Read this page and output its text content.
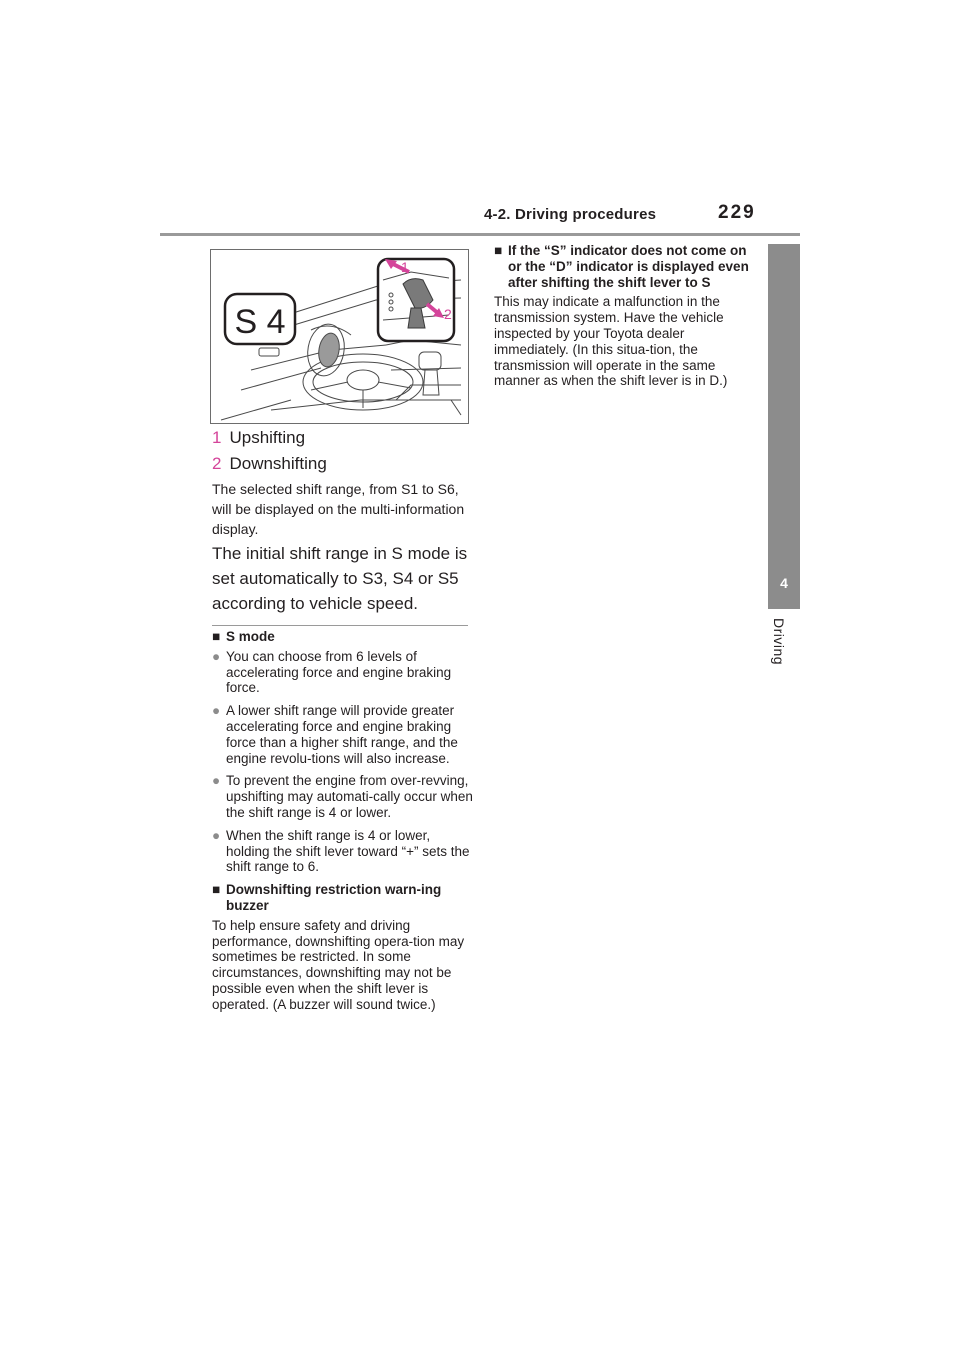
4-2. Driving procedures	229
4
Driving
S 4
1
2
1 Upshifting
2 Downshifting
The selected shift range, from S1 to S6, will be displayed on the multi-information display.
The initial shift range in S mode is set automatically to S3, S4 or S5 according to vehicle speed.
■ S mode
● You can choose from 6 levels of accelerating force and engine braking force.
● A lower shift range will provide greater accelerating force and engine braking force than a higher shift range, and the engine revolu-tions will also increase.
● To prevent the engine from over-revving, upshifting may automati-cally occur when the shift range is 4 or lower.
● When the shift range is 4 or lower, holding the shift lever toward “+” sets the shift range to 6.
■ Downshifting restriction warn-ing buzzer
To help ensure safety and driving performance, downshifting opera-tion may sometimes be restricted. In some circumstances, downshifting may not be possible even when the shift lever is operated. (A buzzer will sound twice.)
■ If the “S” indicator does not come on or the “D” indicator is displayed even after shifting the shift lever to S
This may indicate a malfunction in the transmission system. Have the vehicle inspected by your Toyota dealer immediately. (In this situa-tion, the transmission will operate in the same manner as when the shift lever is in D.)
